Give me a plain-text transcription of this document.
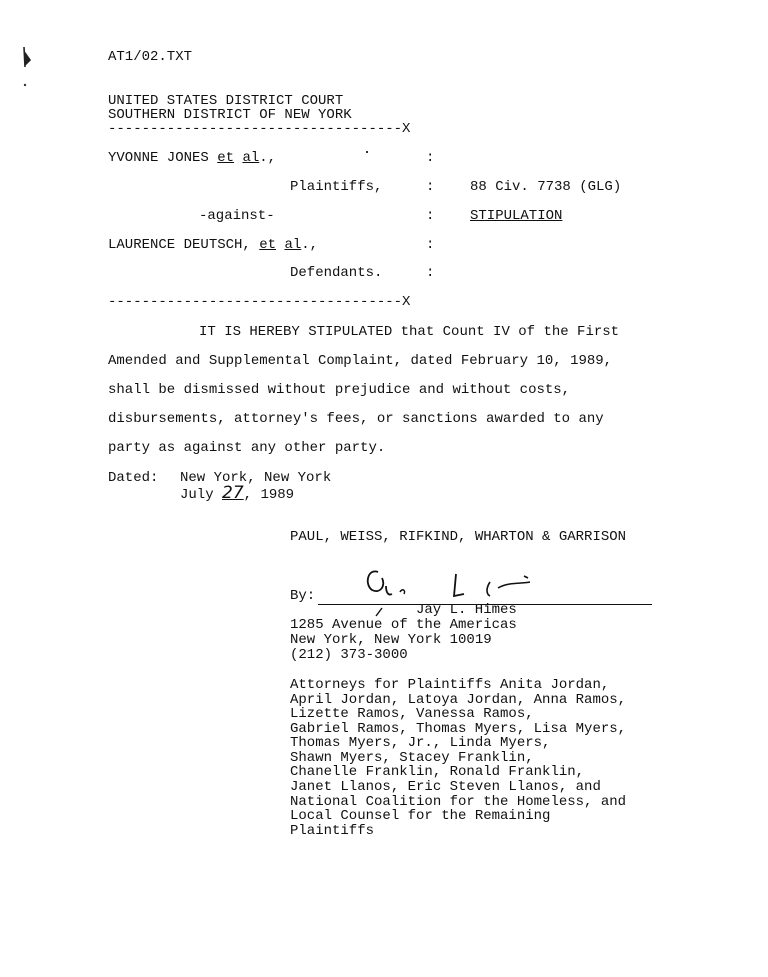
AT1/02.TXT
UNITED STATES DISTRICT COURT
SOUTHERN DISTRICT OF NEW YORK
-----------------------------------X
YVONNE JONES et al.,	:
Plaintiffs,	:	88 Civ. 7738 (GLG)
-against-	:	STIPULATION
LAURENCE DEUTSCH, et al.,	:
Defendants.	:
-----------------------------------X
IT IS HEREBY STIPULATED that Count IV of the First
Amended and Supplemental Complaint, dated February 10, 1989,
shall be dismissed without prejudice and without costs,
disbursements, attorney's fees, or sanctions awarded to any
party as against any other party.
Dated: New York, New York
July 27, 1989
PAUL, WEISS, RIFKIND, WHARTON & GARRISON
By:
Jay L. Himes
1285 Avenue of the Americas
New York, New York 10019
(212) 373-3000
Attorneys for Plaintiffs Anita Jordan,
April Jordan, Latoya Jordan, Anna Ramos,
Lizette Ramos, Vanessa Ramos,
Gabriel Ramos, Thomas Myers, Lisa Myers,
Thomas Myers, Jr., Linda Myers,
Shawn Myers, Stacey Franklin,
Chanelle Franklin, Ronald Franklin,
Janet Llanos, Eric Steven Llanos, and
National Coalition for the Homeless, and
Local Counsel for the Remaining
Plaintiffs
